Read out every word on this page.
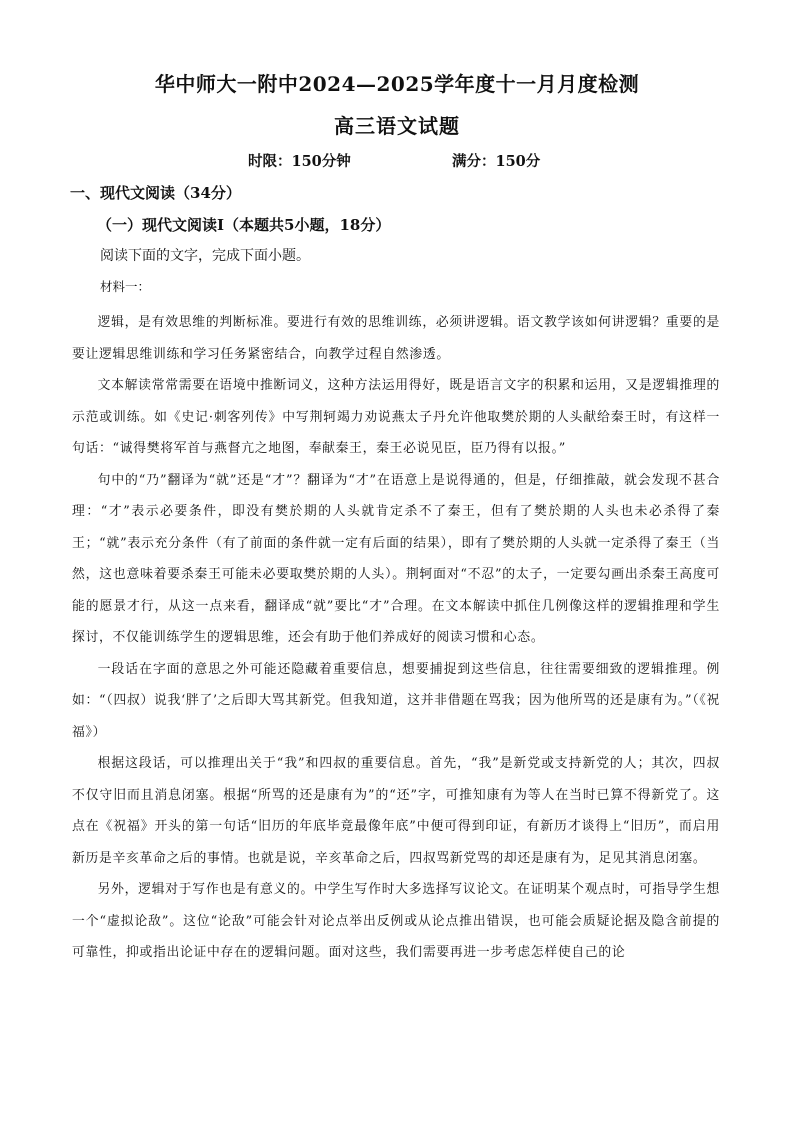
华中师大一附中2024—2025学年度十一月月度检测
高三语文试题
时限：150分钟	满分：150分
一、现代文阅读（34分）
（一）现代文阅读Ⅰ（本题共5小题，18分）
阅读下面的文字，完成下面小题。
材料一：

逻辑，是有效思维的判断标准。要进行有效的思维训练，必须讲逻辑。语文教学该如何讲逻辑？重要的是要让逻辑思维训练和学习任务紧密结合，向教学过程自然渗透。

文本解读常常需要在语境中推断词义，这种方法运用得好，既是语言文字的积累和运用，又是逻辑推理的示范或训练。如《史记·刺客列传》中写荆轲竭力劝说燕太子丹允许他取樊於期的人头献给秦王时，有这样一句话：“诚得樊将军首与燕督亢之地图，奉献秦王，秦王必说见臣，臣乃得有以报。”

句中的“乃”翻译为“就”还是“才”？翻译为“才”在语意上是说得通的，但是，仔细推敲，就会发现不甚合理：“才”表示必要条件，即没有樊於期的人头就肯定杀不了秦王，但有了樊於期的人头也未必杀得了秦王；“就”表示充分条件（有了前面的条件就一定有后面的结果），即有了樊於期的人头就一定杀得了秦王（当然，这也意味着要杀秦王可能未必要取樊於期的人头）。荆轲面对“不忍”的太子，一定要勾画出杀秦王高度可能的愿景才行，从这一点来看，翻译成“就”要比“才”合理。在文本解读中抓住几例像这样的逻辑推理和学生探讨，不仅能训练学生的逻辑思维，还会有助于他们养成好的阅读习惯和心态。

一段话在字面的意思之外可能还隐藏着重要信息，想要捕捉到这些信息，往往需要细致的逻辑推理。例如：“（四叔）说我‘胖了’之后即大骂其新党。但我知道，这并非借题在骂我；因为他所骂的还是康有为。”（《祝福》）

根据这段话，可以推理出关于“我”和四叔的重要信息。首先，“我”是新党或支持新党的人；其次，四叔不仅守旧而且消息闭塞。根据“所骂的还是康有为”的“还”字，可推知康有为等人在当时已算不得新党了。这点在《祝福》开头的第一句话“旧历的年底毕竟最像年底”中便可得到印证，有新历才谈得上“旧历”，而启用新历是辛亥革命之后的事情。也就是说，辛亥革命之后，四叔骂新党骂的却还是康有为，足见其消息闭塞。

另外，逻辑对于写作也是有意义的。中学生写作时大多选择写议论文。在证明某个观点时，可指导学生想一个“虚拟论敌”。这位“论敌”可能会针对论点举出反例或从论点推出错误，也可能会质疑论据及隐含前提的可靠性，抑或指出论证中存在的逻辑问题。面对这些，我们需要再进一步考虑怎样使自己的论
